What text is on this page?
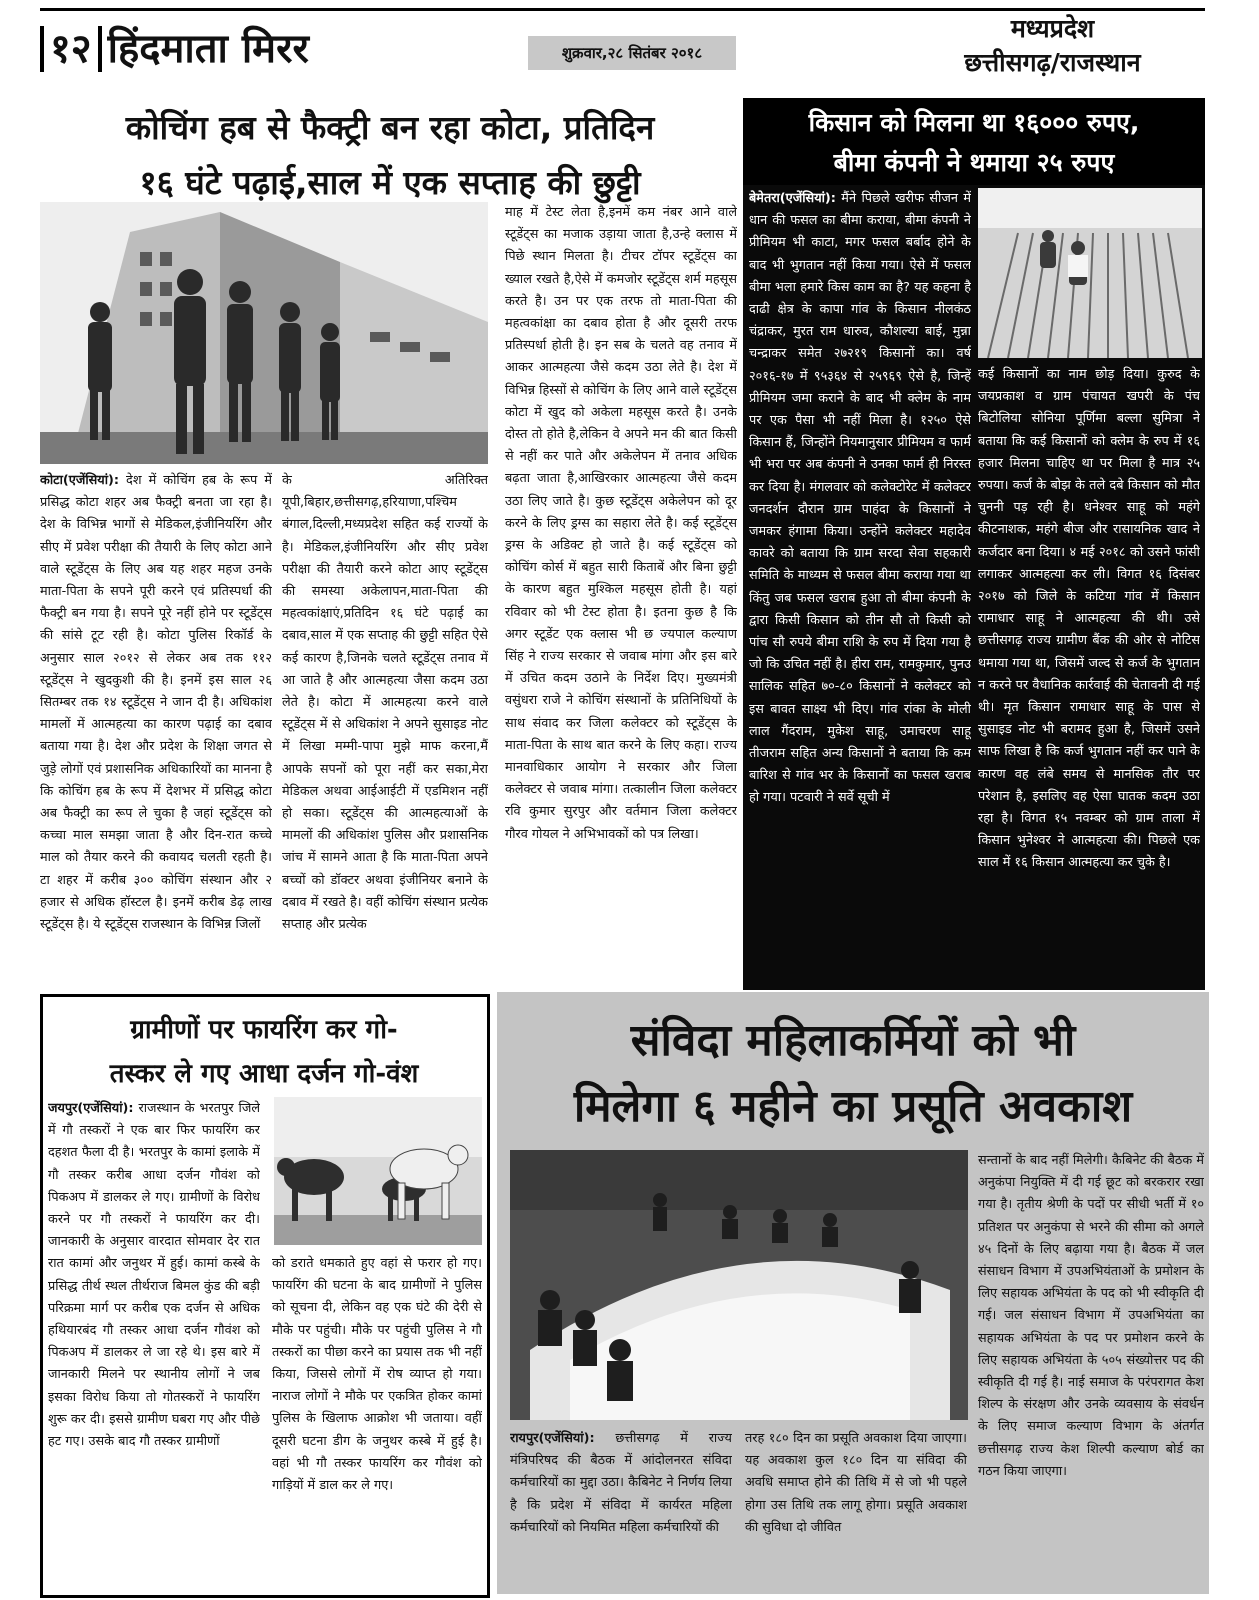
१२ हिंदमाता मिरर	शुक्रवार,२८ सितंबर २०१८
मध्यप्रदेश
छत्तीसगढ़/राजस्थान
कोचिंग हब से फैक्ट्री बन रहा कोटा, प्रतिदिन
१६ घंटे पढ़ाई,साल में एक सप्ताह की छुट्टी
कोटा(एजेंसियां): देश में कोचिंग हब के रूप में प्रसिद्ध कोटा शहर अब फैक्ट्री बनता जा रहा है। देश के विभिन्न भागों से मेडिकल,इंजीनियरिंग और सीए में प्रवेश परीक्षा की तैयारी के लिए कोटा आने वाले स्टूडेंट्स के लिए अब यह शहर महज उनके माता-पिता के सपने पूरी करने एवं प्रतिस्पर्धा की फैक्ट्री बन गया है। सपने पूरे नहीं होने पर स्टूडेंट्स की सांसे टूट रही है। कोटा पुलिस रिकॉर्ड के अनुसार साल २०१२ से लेकर अब तक ११२ स्टूडेंट्स ने खुदकुशी की है। इनमें इस साल २६ सितम्बर तक १४ स्टूडेंट्स ने जान दी है। अधिकांश मामलों में आत्महत्या का कारण पढ़ाई का दबाव बताया गया है। देश और प्रदेश के शिक्षा जगत से जुड़े लोगों एवं प्रशासनिक अधिकारियों का मानना है कि कोचिंग हब के रूप में देशभर में प्रसिद्ध कोटा अब फैक्ट्री का रूप ले चुका है जहां स्टूडेंट्स को कच्चा माल समझा जाता है और दिन-रात कच्चे माल को तैयार करने की कवायद चलती रहती है। टा शहर में करीब ३०० कोचिंग संस्थान और २ हजार से अधिक हॉस्टल है। इनमें करीब डेढ़ लाख स्टूडेंट्स है। ये स्टूडेंट्स राजस्थान के विभिन्न जिलों
के अतिरिक्त यूपी,बिहार,छत्तीसगढ़,हरियाणा,पश्चिम बंगाल,दिल्ली,मध्यप्रदेश सहित कई राज्यों के है। मेडिकल,इंजीनियरिंग और सीए प्रवेश परीक्षा की तैयारी करने कोटा आए स्टूडेंट्स की समस्या अकेलापन,माता-पिता की महत्वकांक्षाएं,प्रतिदिन १६ घंटे पढ़ाई का दबाव,साल में एक सप्ताह की छुट्टी सहित ऐसे कई कारण है,जिनके चलते स्टूडेंट्स तनाव में आ जाते है और आत्महत्या जैसा कदम उठा लेते है। कोटा में आत्महत्या करने वाले स्टूडेंट्स में से अधिकांश ने अपने सुसाइड नोट में लिखा मम्मी-पापा मुझे माफ करना,मैं आपके सपनों को पूरा नहीं कर सका,मेरा मेडिकल अथवा आईआईटी में एडमिशन नहीं हो सका। स्टूडेंट्स की आत्महत्याओं के मामलों की अधिकांश पुलिस और प्रशासनिक जांच में सामने आता है कि माता-पिता अपने बच्चों को डॉक्टर अथवा इंजीनियर बनाने के दबाव में रखते है। वहीं कोचिंग संस्थान प्रत्येक सप्ताह और प्रत्येक
माह में टेस्ट लेता है,इनमें कम नंबर आने वाले स्टूडेंट्स का मजाक उड़ाया जाता है,उन्हे क्लास में पिछे स्थान मिलता है। टीचर टॉपर स्टूडेंट्स का ख्याल रखते है,ऐसे में कमजोर स्टूडेंट्स शर्म महसूस करते है। उन पर एक तरफ तो माता-पिता की महत्वकांक्षा का दबाव होता है और दूसरी तरफ प्रतिस्पर्धा होती है। इन सब के चलते वह तनाव में आकर आत्महत्या जैसे कदम उठा लेते है। देश में विभिन्न हिस्सों से कोचिंग के लिए आने वाले स्टूडेंट्स कोटा में खुद को अकेला महसूस करते है। उनके दोस्त तो होते है,लेकिन वे अपने मन की बात किसी से नहीं कर पाते और अकेलेपन में तनाव अधिक बढ़ता जाता है,आखिरकार आत्महत्या जैसे कदम उठा लिए जाते है। कुछ स्टूडेंट्स अकेलेपन को दूर करने के लिए ड्रग्स का सहारा लेते है। कई स्टूडेंट्स ड्रग्स के अडिक्ट हो जाते है। कई स्टूडेंट्स को कोचिंग कोर्स में बहुत सारी किताबें और बिना छुट्टी के कारण बहुत मुश्किल महसूस होती है। यहां रविवार को भी टेस्ट होता है। इतना कुछ है कि अगर स्टूडेंट एक क्लास भी छ ज्यपाल कल्याण सिंह ने राज्य सरकार से जवाब मांगा और इस बारे में उचित कदम उठाने के निर्देश दिए। मुख्यमंत्री वसुंधरा राजे ने कोचिंग संस्थानों के प्रतिनिधियों के साथ संवाद कर जिला कलेक्टर को स्टूडेंट्स के माता-पिता के साथ बात करने के लिए कहा। राज्य मानवाधिकार आयोग ने सरकार और जिला कलेक्टर से जवाब मांगा। तत्कालीन जिला कलेक्टर रवि कुमार सुरपुर और वर्तमान जिला कलेक्टर गौरव गोयल ने अभिभावकों को पत्र लिखा।
किसान को मिलना था १६००० रुपए,
बीमा कंपनी ने थमाया २५ रुपए
बेमेतरा(एजेंसियां): मैंने पिछले खरीफ सीजन में धान की फसल का बीमा कराया, बीमा कंपनी ने प्रीमियम भी काटा, मगर फसल बर्बाद होने के बाद भी भुगतान नहीं किया गया। ऐसे में फसल बीमा भला हमारे किस काम का है? यह कहना है दाढी क्षेत्र के कापा गांव के किसान नीलकंठ चंद्राकर, मुरत राम धारुव, कौशल्या बाई, मुन्ना चन्द्राकर समेत २७२१९ किसानों का। वर्ष २०१६-१७ में ९५३६४ से २५९६९ ऐसे है, जिन्हें प्रीमियम जमा कराने के बाद भी क्लेम के नाम पर एक पैसा भी नहीं मिला है। १२५० ऐसे किसान हैं, जिन्होंने नियमानुसार प्रीमियम व फार्म भी भरा पर अब कंपनी ने उनका फार्म ही निरस्त कर दिया है। मंगलवार को कलेक्टोरेट में कलेक्टर जनदर्शन दौरान ग्राम पाहंदा के किसानों ने जमकर हंगामा किया। उन्होंने कलेक्टर महादेव कावरे को बताया कि ग्राम सरदा सेवा सहकारी समिति के माध्यम से फसल बीमा कराया गया था किंतु जब फसल खराब हुआ तो बीमा कंपनी के द्वारा किसी किसान को तीन सौ तो किसी को पांच सौ रुपये बीमा राशि के रुप में दिया गया है जो कि उचित नहीं है। हीरा राम, रामकुमार, पुनउ सालिक सहित ७०-८० किसानों ने कलेक्टर को इस बावत साक्ष्य भी दिए। गांव रांका के मोली लाल गैंदराम, मुकेश साहू, उमाचरण साहू तीजराम सहित अन्य किसानों ने बताया कि कम बारिश से गांव भर के किसानों का फसल खराब हो गया। पटवारी ने सर्वे सूची में
कई किसानों का नाम छोड़ दिया। कुरुद के जयप्रकाश व ग्राम पंचायत खपरी के पंच बिटोलिया सोनिया पूर्णिमा बल्ला सुमित्रा ने बताया कि कई किसानों को क्लेम के रुप में १६ हजार मिलना चाहिए था पर मिला है मात्र २५ रुपया। कर्ज के बोझ के तले दबे किसान को मौत चुननी पड़ रही है। धनेश्वर साहू को महंगे कीटनाशक, महंगे बीज और रासायनिक खाद ने कर्जदार बना दिया। ४ मई २०१८ को उसने फांसी लगाकर आत्महत्या कर ली। विगत १६ दिसंबर २०१७ को जिले के कटिया गांव में किसान रामाधार साहू ने आत्महत्या की थी। उसे छत्तीसगढ़ राज्य ग्रामीण बैंक की ओर से नोटिस थमाया गया था, जिसमें जल्द से कर्ज के भुगतान न करने पर वैधानिक कार्रवाई की चेतावनी दी गई थी। मृत किसान रामाधार साहू के पास से सुसाइड नोट भी बरामद हुआ है, जिसमें उसने साफ लिखा है कि कर्ज भुगतान नहीं कर पाने के कारण वह लंबे समय से मानसिक तौर पर परेशान है, इसलिए वह ऐसा घातक कदम उठा रहा है। विगत १५ नवम्बर को ग्राम ताला में किसान भुनेश्वर ने आत्महत्या की। पिछले एक साल में १६ किसान आत्महत्या कर चुके है।
ग्रामीणों पर फायरिंग कर गो-
तस्कर ले गए आधा दर्जन गो-वंश
जयपुर(एजेंसियां): राजस्थान के भरतपुर जिले में गौ तस्करों ने एक बार फिर फायरिंग कर दहशत फैला दी है। भरतपुर के कामां इलाके में गौ तस्कर करीब आधा दर्जन गौवंश को पिकअप में डालकर ले गए। ग्रामीणों के विरोध करने पर गौ तस्करों ने फायरिंग कर दी। जानकारी के अनुसार वारदात सोमवार देर रात रात कामां और जनुथर में हुई। कामां कस्बे के प्रसिद्ध तीर्थ स्थल तीर्थराज बिमल कुंड की बड़ी परिक्रमा मार्ग पर करीब एक दर्जन से अधिक हथियारबंद गौ तस्कर आधा दर्जन गौवंश को पिकअप में डालकर ले जा रहे थे। इस बारे में जानकारी मिलने पर स्थानीय लोगों ने जब इसका विरोध किया तो गोतस्करों ने फायरिंग शुरू कर दी। इससे ग्रामीण घबरा गए और पीछे हट गए। उसके बाद गौ तस्कर ग्रामीणों
को डराते धमकाते हुए वहां से फरार हो गए। फायरिंग की घटना के बाद ग्रामीणों ने पुलिस को सूचना दी, लेकिन वह एक घंटे की देरी से मौके पर पहुंची। मौके पर पहुंची पुलिस ने गौ तस्करों का पीछा करने का प्रयास तक भी नहीं किया, जिससे लोगों में रोष व्याप्त हो गया। नाराज लोगों ने मौके पर एकत्रित होकर कामां पुलिस के खिलाफ आक्रोश भी जताया। वहीं दूसरी घटना डीग के जनुथर कस्बे में हुई है। वहां भी गौ तस्कर फायरिंग कर गौवंश को गाड़ियों में डाल कर ले गए।
संविदा महिलाकर्मियों को भी
मिलेगा ६ महीने का प्रसूति अवकाश
रायपुर(एजेंसियां): छत्तीसगढ़ में राज्य मंत्रिपरिषद की बैठक में आंदोलनरत संविदा कर्मचारियों का मुद्दा उठा। कैबिनेट ने निर्णय लिया है कि प्रदेश में संविदा में कार्यरत महिला कर्मचारियों को नियमित महिला कर्मचारियों की
तरह १८० दिन का प्रसूति अवकाश दिया जाएगा। यह अवकाश कुल १८० दिन या संविदा की अवधि समाप्त होने की तिथि में से जो भी पहले होगा उस तिथि तक लागू होगा। प्रसूति अवकाश की सुविधा दो जीवित
सन्तानों के बाद नहीं मिलेगी। कैबिनेट की बैठक में अनुकंपा नियुक्ति में दी गई छूट को बरकरार रखा गया है। तृतीय श्रेणी के पदों पर सीधी भर्ती में १० प्रतिशत पर अनुकंपा से भरने की सीमा को अगले ४५ दिनों के लिए बढ़ाया गया है। बैठक में जल संसाधन विभाग में उपअभियंताओं के प्रमोशन के लिए सहायक अभियंता के पद को भी स्वीकृति दी गई। जल संसाधन विभाग में उपअभियंता का सहायक अभियंता के पद पर प्रमोशन करने के लिए सहायक अभियंता के ५०५ संख्योत्तर पद की स्वीकृति दी गई है। नाई समाज के परंपरागत केश शिल्प के संरक्षण और उनके व्यवसाय के संवर्धन के लिए समाज कल्याण विभाग के अंतर्गत छत्तीसगढ़ राज्य केश शिल्पी कल्याण बोर्ड का गठन किया जाएगा।
